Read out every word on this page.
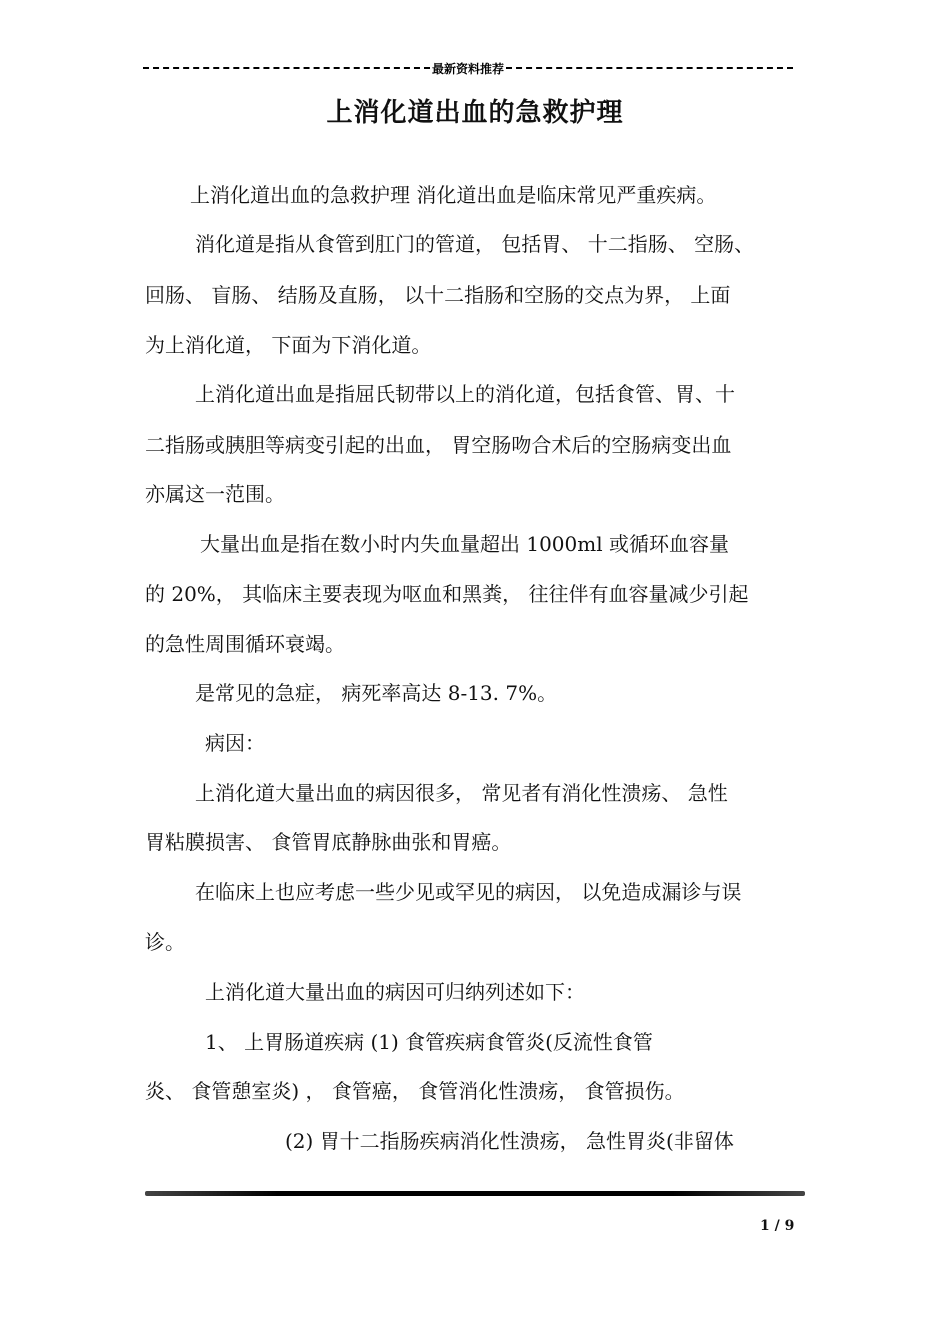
最新资料推荐
上消化道出血的急救护理
上消化道出血的急救护理 消化道出血是临床常见严重疾病。
消化道是指从食管到肛门的管道， 包括胃、 十二指肠、 空肠、
回肠、 盲肠、 结肠及直肠， 以十二指肠和空肠的交点为界， 上面
为上消化道， 下面为下消化道。
上消化道出血是指屈氏韧带以上的消化道，包括食管、胃、十
二指肠或胰胆等病变引起的出血， 胃空肠吻合术后的空肠病变出血
亦属这一范围。
大量出血是指在数小时内失血量超出 1000ml 或循环血容量
的 20%， 其临床主要表现为呕血和黑粪， 往往伴有血容量减少引起
的急性周围循环衰竭。
是常见的急症， 病死率高达 8-13. 7%。
病因：
上消化道大量出血的病因很多， 常见者有消化性溃疡、 急性
胃粘膜损害、 食管胃底静脉曲张和胃癌。
在临床上也应考虑一些少见或罕见的病因， 以免造成漏诊与误
诊。
上消化道大量出血的病因可归纳列述如下：
1、 上胃肠道疾病 (1) 食管疾病食管炎(反流性食管
炎、 食管憩室炎) ， 食管癌， 食管消化性溃疡， 食管损伤。
(2) 胃十二指肠疾病消化性溃疡， 急性胃炎(非留体
1 / 9
